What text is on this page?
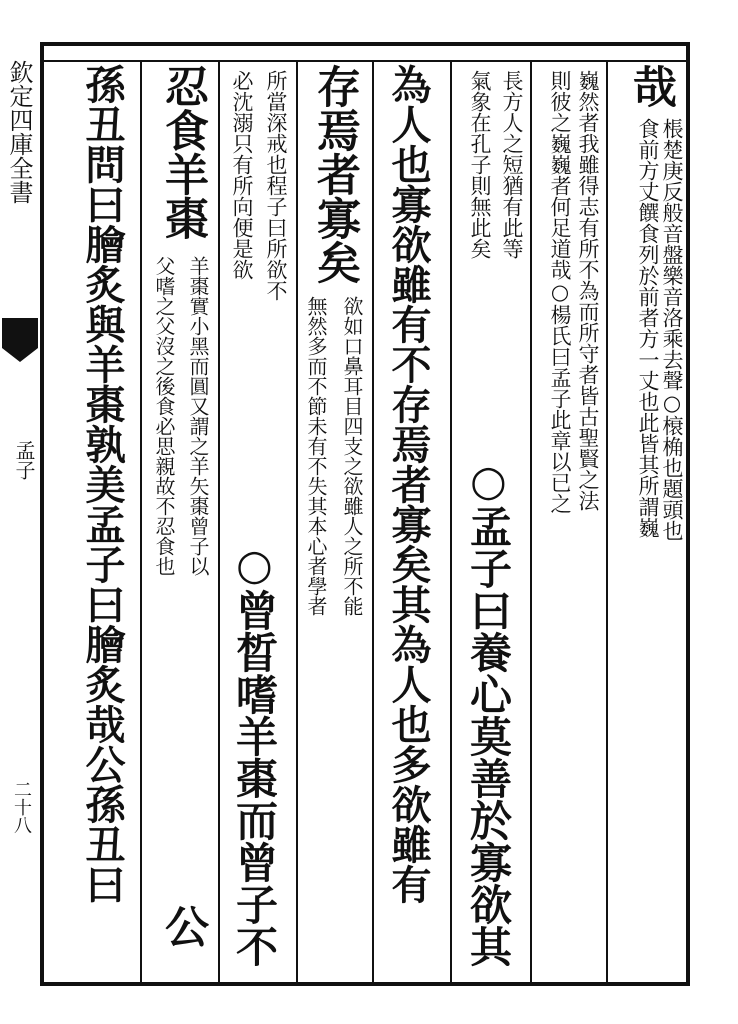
欽定四庫全書
孟子
二十八
哉
食前方丈饌食列於前者方一丈也此皆其所謂巍 棖楚庚反般音盤樂音洛乘去聲○榱桷也題頭也
巍然者我雖得志有所不為而所守者皆古聖賢之法
則彼之巍巍者何足道哉○楊氏曰孟子此章以已之
長方人之短猶有此等
氣象在孔子則無此矣
○孟子曰養心莫善於寡欲其
為人也寡欲雖有不存焉者寡矣其為人也多欲雖有
存焉者寡矣
欲如口鼻耳目四支之欲雖人之所不能
無然多而不節未有不失其本心者學者
所當深戒也程子曰所欲不
必沈溺只有所向便是欲
○曾晳嗜羊棗而曾子不
忍食羊棗
羊棗實小黑而圓又謂之羊矢棗曾子以
父嗜之父沒之後食必思親故不忍食也
公
孫丑問曰膾炙與羊棗孰美孟子曰膾炙哉公孫丑曰
